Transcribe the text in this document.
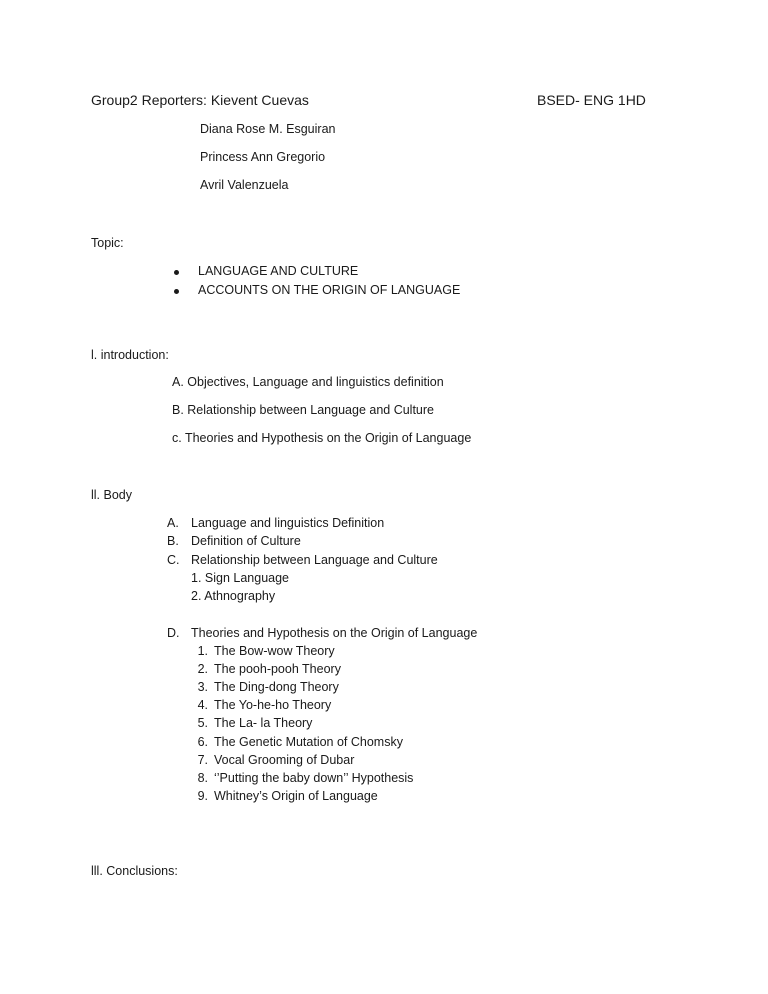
Group2 Reporters: Kievent Cuevas	BSED- ENG 1HD
Diana Rose M. Esguiran
Princess Ann Gregorio
Avril Valenzuela
Topic:
LANGUAGE AND CULTURE
ACCOUNTS ON THE ORIGIN OF LANGUAGE
l. introduction:
A. Objectives, Language and linguistics definition
B. Relationship between Language and Culture
c. Theories and Hypothesis on the Origin of Language
ll. Body
A. Language and linguistics Definition
B. Definition of Culture
C. Relationship between Language and Culture
1. Sign Language
2. Athnography
D. Theories and Hypothesis on the Origin of Language
1. The Bow-wow Theory
2. The pooh-pooh Theory
3. The Ding-dong Theory
4. The Yo-he-ho Theory
5. The La- la Theory
6. The Genetic Mutation of Chomsky
7. Vocal Grooming of Dubar
8. ‘’Putting the baby down’’ Hypothesis
9. Whitney’s Origin of Language
lll. Conclusions:
